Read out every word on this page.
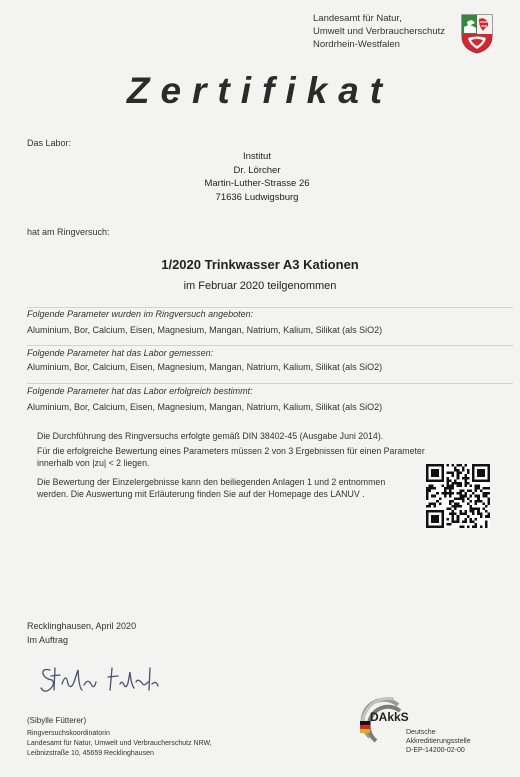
Landesamt für Natur,
Umwelt und Verbraucherschutz
Nordrhein-Westfalen
Zertifikat
Das Labor:
Institut
Dr. Lörcher
Martin-Luther-Strasse 26
71636 Ludwigsburg
hat am Ringversuch:
1/2020 Trinkwasser A3 Kationen
im Februar 2020 teilgenommen
Folgende Parameter wurden im Ringversuch angeboten:
Aluminium, Bor, Calcium, Eisen, Magnesium, Mangan, Natrium, Kalium, Silikat (als SiO2)
Folgende Parameter hat das Labor gemessen:
Aluminium, Bor, Calcium, Eisen, Magnesium, Mangan, Natrium, Kalium, Silikat (als SiO2)
Folgende Parameter hat das Labor erfolgreich bestimmt:
Aluminium, Bor, Calcium, Eisen, Magnesium, Mangan, Natrium, Kalium, Silikat (als SiO2)
Die Durchführung des Ringversuchs erfolgte gemäß DIN 38402-45 (Ausgabe Juni 2014).
Für die erfolgreiche Bewertung eines Parameters müssen 2 von 3 Ergebnissen für einen Parameter
innerhalb von |zu| < 2 liegen.
Die Bewertung der Einzelergebnisse kann den beiliegenden Anlagen 1 und 2 entnommen
werden. Die Auswertung mit Erläuterung finden Sie auf der Homepage des LANUV .
Recklinghausen, April 2020
Im Auftrag
(Sibylle Fütterer)
Ringversuchskoordinatorin
Landesamt für Natur, Umwelt und Verbraucherschutz NRW,
Leibnizstraße 10, 45659 Recklinghausen
DAkkS
Deutsche
Akkreditierungsstelle
D-EP-14200-02-00
